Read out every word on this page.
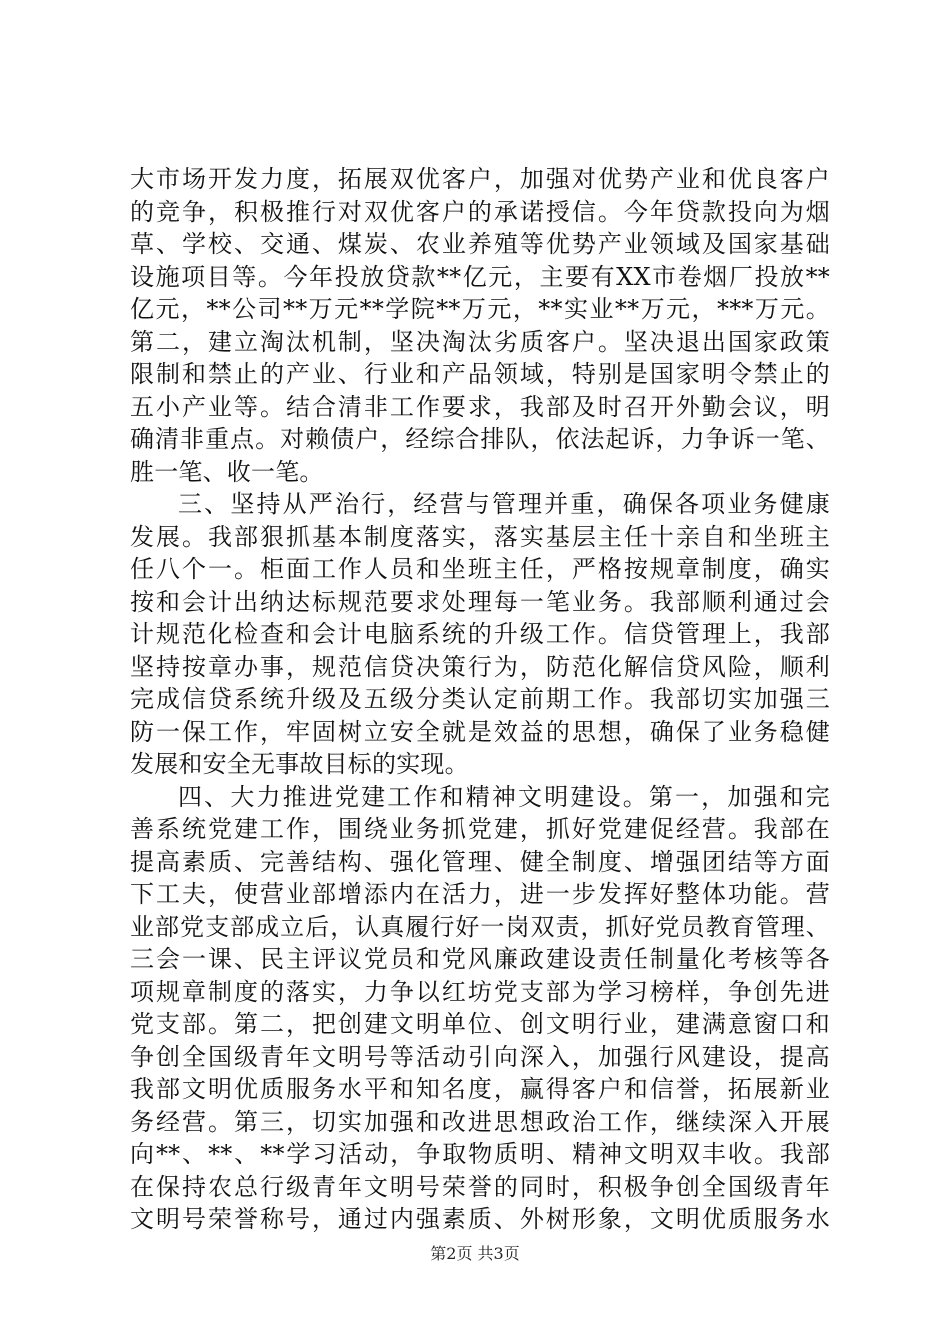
大市场开发力度，拓展双优客户，加强对优势产业和优良客户
的竞争，积极推行对双优客户的承诺授信。今年贷款投向为烟
草、学校、交通、煤炭、农业养殖等优势产业领域及国家基础
设施项目等。今年投放贷款**亿元，主要有XX市卷烟厂投放**
亿元，**公司**万元**学院**万元，**实业**万元，***万元。
第二，建立淘汰机制，坚决淘汰劣质客户。坚决退出国家政策
限制和禁止的产业、行业和产品领域，特别是国家明令禁止的
五小产业等。结合清非工作要求，我部及时召开外勤会议，明
确清非重点。对赖债户，经综合排队，依法起诉，力争诉一笔、
胜一笔、收一笔。
三、坚持从严治行，经营与管理并重，确保各项业务健康
发展。我部狠抓基本制度落实，落实基层主任十亲自和坐班主
任八个一。柜面工作人员和坐班主任，严格按规章制度，确实
按和会计出纳达标规范要求处理每一笔业务。我部顺利通过会
计规范化检查和会计电脑系统的升级工作。信贷管理上，我部
坚持按章办事，规范信贷决策行为，防范化解信贷风险，顺利
完成信贷系统升级及五级分类认定前期工作。我部切实加强三
防一保工作，牢固树立安全就是效益的思想，确保了业务稳健
发展和安全无事故目标的实现。
四、大力推进党建工作和精神文明建设。第一，加强和完
善系统党建工作，围绕业务抓党建，抓好党建促经营。我部在
提高素质、完善结构、强化管理、健全制度、增强团结等方面
下工夫，使营业部增添内在活力，进一步发挥好整体功能。营
业部党支部成立后，认真履行好一岗双责，抓好党员教育管理、
三会一课、民主评议党员和党风廉政建设责任制量化考核等各
项规章制度的落实，力争以红坊党支部为学习榜样，争创先进
党支部。第二，把创建文明单位、创文明行业，建满意窗口和
争创全国级青年文明号等活动引向深入，加强行风建设，提高
我部文明优质服务水平和知名度，赢得客户和信誉，拓展新业
务经营。第三，切实加强和改进思想政治工作，继续深入开展
向**、**、**学习活动，争取物质明、精神文明双丰收。我部
在保持农总行级青年文明号荣誉的同时，积极争创全国级青年
文明号荣誉称号，通过内强素质、外树形象，文明优质服务水
第2页 共3页
